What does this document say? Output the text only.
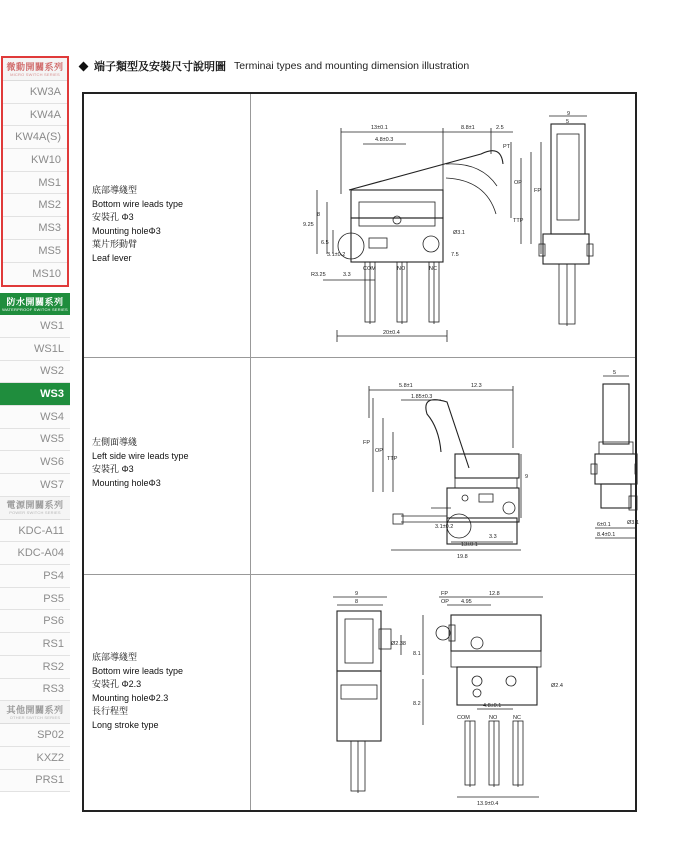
端子類型及安裝尺寸說明圖 Terminai types and mounting dimension illustration
微動開關系列
MICRO SWITCH SERIES
KW3A
KW4A
KW4A(S)
KW10
MS1
MS2
MS3
MS5
MS10
防水開關系列
WATERPROOF SWITCH SERIES
WS1
WS1L
WS2
WS3
WS4
WS5
WS6
WS7
電源開關系列
POWER SWITCH SERIES
KDC-A11
KDC-A04
PS4
PS5
PS6
RS1
RS2
RS3
其他開關系列
OTHER SWITCH SERIES
SP02
KXZ2
PRS1
底部導綫型
Bottom wire leads type
安裝孔 Φ3
Mounting holeΦ3
葉片形動臂
Leaf lever
左側面導綫
Left side wire leads type
安裝孔 Φ3
Mounting holeΦ3
底部導綫型
Bottom wire leads type
安裝孔 Φ2.3
Mounting holeΦ2.3
長行程型
Long stroke type
13±0.1
4.8±0.3
8.8±1	2.5
9
5
PT
OP
FP
TTP
9.25
8
6.5
3.1±0.2	7.5
Ø3.1
R3.25	3.3
COM	NO	NC
20±0.4
5.8±1	12.3
1.85±0.3
5
FP
OP
TTP
9
3.1±0.2
3.3
13±0.1
19.8
6±0.1
8.4±0.1
Ø3.1
9
8
Ø2.38
FP
OP 4.95
12.8
8.1
8.2	4.8±0.1
Ø2.4
COM	NO	NC
13.9±0.4
